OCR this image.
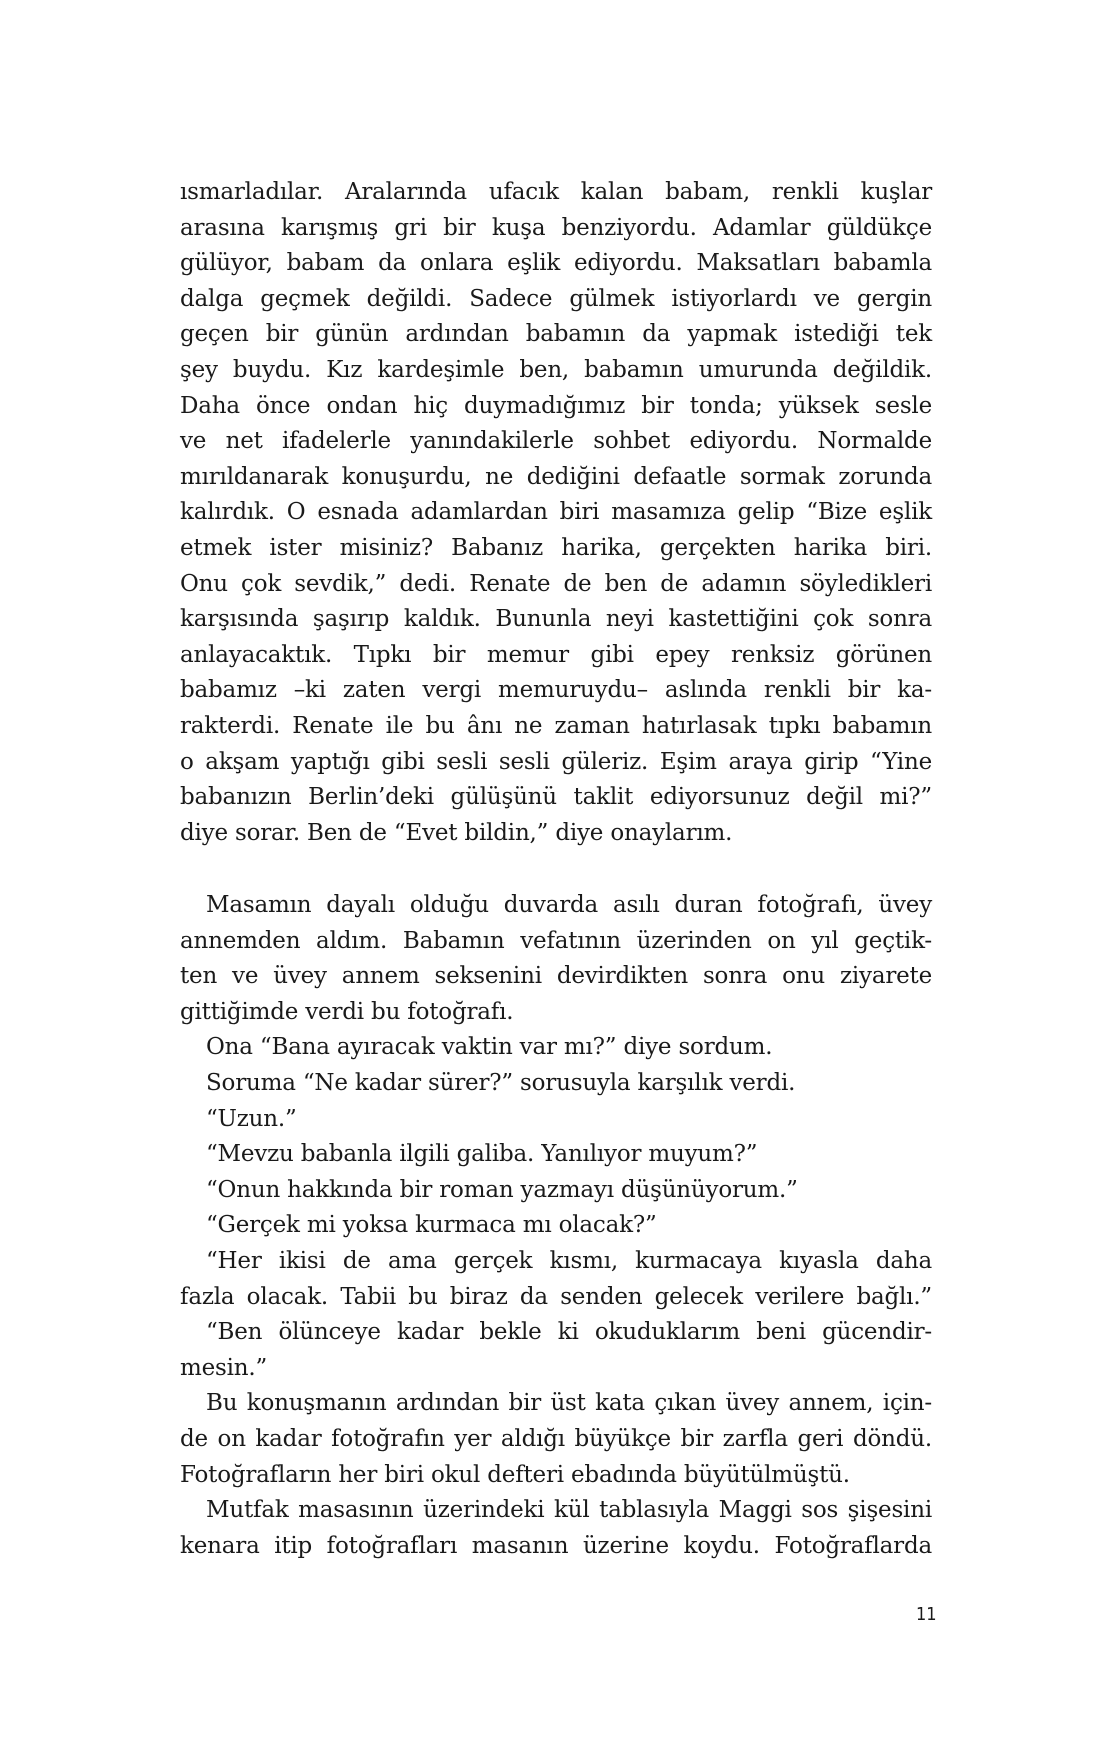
ısmarladılar. Aralarında ufacık kalan babam, renkli kuşlar
arasına karışmış gri bir kuşa benziyordu. Adamlar güldükçe
gülüyor, babam da onlara eşlik ediyordu. Maksatları babamla
dalga geçmek değildi. Sadece gülmek istiyorlardı ve gergin
geçen bir günün ardından babamın da yapmak istediği tek
şey buydu. Kız kardeşimle ben, babamın umurunda değildik.
Daha önce ondan hiç duymadığımız bir tonda; yüksek sesle
ve net ifadelerle yanındakilerle sohbet ediyordu. Normalde
mırıldanarak konuşurdu, ne dediğini defaatle sormak zorunda
kalırdık. O esnada adamlardan biri masamıza gelip “Bize eşlik
etmek ister misiniz? Babanız harika, gerçekten harika biri.
Onu çok sevdik,” dedi. Renate de ben de adamın söyledikleri
karşısında şaşırıp kaldık. Bununla neyi kastettiğini çok sonra
anlayacaktık. Tıpkı bir memur gibi epey renksiz görünen
babamız –ki zaten vergi memuruydu– aslında renkli bir ka-
rakterdi. Renate ile bu ânı ne zaman hatırlasak tıpkı babamın
o akşam yaptığı gibi sesli sesli güleriz. Eşim araya girip “Yine
babanızın Berlin’deki gülüşünü taklit ediyorsunuz değil mi?”
diye sorar. Ben de “Evet bildin,” diye onaylarım.
Masamın dayalı olduğu duvarda asılı duran fotoğrafı, üvey
annemden aldım. Babamın vefatının üzerinden on yıl geçtik-
ten ve üvey annem seksenini devirdikten sonra onu ziyarete
gittiğimde verdi bu fotoğrafı.
Ona “Bana ayıracak vaktin var mı?” diye sordum.
Soruma “Ne kadar sürer?” sorusuyla karşılık verdi.
“Uzun.”
“Mevzu babanla ilgili galiba. Yanılıyor muyum?”
“Onun hakkında bir roman yazmayı düşünüyorum.”
“Gerçek mi yoksa kurmaca mı olacak?”
“Her ikisi de ama gerçek kısmı, kurmacaya kıyasla daha
fazla olacak. Tabii bu biraz da senden gelecek verilere bağlı.”
“Ben ölünceye kadar bekle ki okuduklarım beni gücendir-
mesin.”
Bu konuşmanın ardından bir üst kata çıkan üvey annem, için-
de on kadar fotoğrafın yer aldığı büyükçe bir zarfla geri döndü.
Fotoğrafların her biri okul defteri ebadında büyütülmüştü.
Mutfak masasının üzerindeki kül tablasıyla Maggi sos şişesini
kenara itip fotoğrafları masanın üzerine koydu. Fotoğraflarda
11
